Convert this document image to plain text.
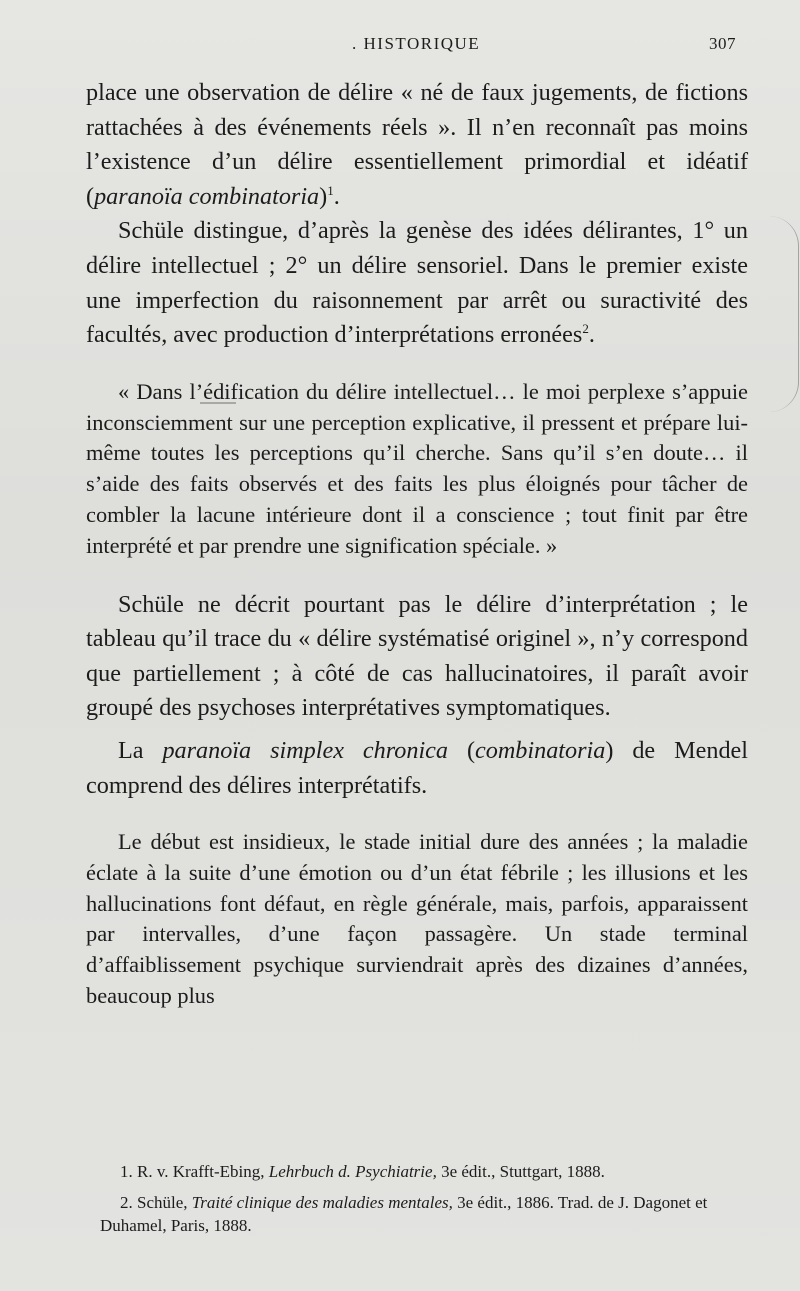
. HISTORIQUE	307

place une observation de délire « né de faux jugements, de fictions rattachées à des événements réels ». Il n’en reconnaît pas moins l’existence d’un délire essentiellement primordial et idéatif (paranoïa combinatoria)$^1$.

Schüle distingue, d’après la genèse des idées délirantes, 1° un délire intellectuel ; 2° un délire sensoriel. Dans le premier existe une imperfection du raisonnement par arrêt ou suractivité des facultés, avec production d’interprétations erronées$^2$.

« Dans l’édification du délire intellectuel… le moi perplexe s’appuie inconsciemment sur une perception explicative, il pressent et prépare lui-même toutes les perceptions qu’il cherche. Sans qu’il s’en doute… il s’aide des faits observés et des faits les plus éloignés pour tâcher de combler la lacune intérieure dont il a conscience ; tout finit par être interprété et par prendre une signification spéciale. »

Schüle ne décrit pourtant pas le délire d’interprétation ; le tableau qu’il trace du « délire systématisé originel », n’y correspond que partiellement ; à côté de cas hallucinatoires, il paraît avoir groupé des psychoses interprétatives symptomatiques.

La paranoïa simplex chronica (combinatoria) de Mendel comprend des délires interprétatifs.

Le début est insidieux, le stade initial dure des années ; la maladie éclate à la suite d’une émotion ou d’un état fébrile ; les illusions et les hallucinations font défaut, en règle générale, mais, parfois, apparaissent par intervalles, d’une façon passagère. Un stade terminal d’affaiblissement psychique surviendrait après des dizaines d’années, beaucoup plus

1. R. v. Krafft-Ebing, Lehrbuch d. Psychiatrie, 3e édit., Stuttgart, 1888.

2. Schüle, Traité clinique des maladies mentales, 3e édit., 1886. Trad. de J. Dagonet et Duhamel, Paris, 1888.
